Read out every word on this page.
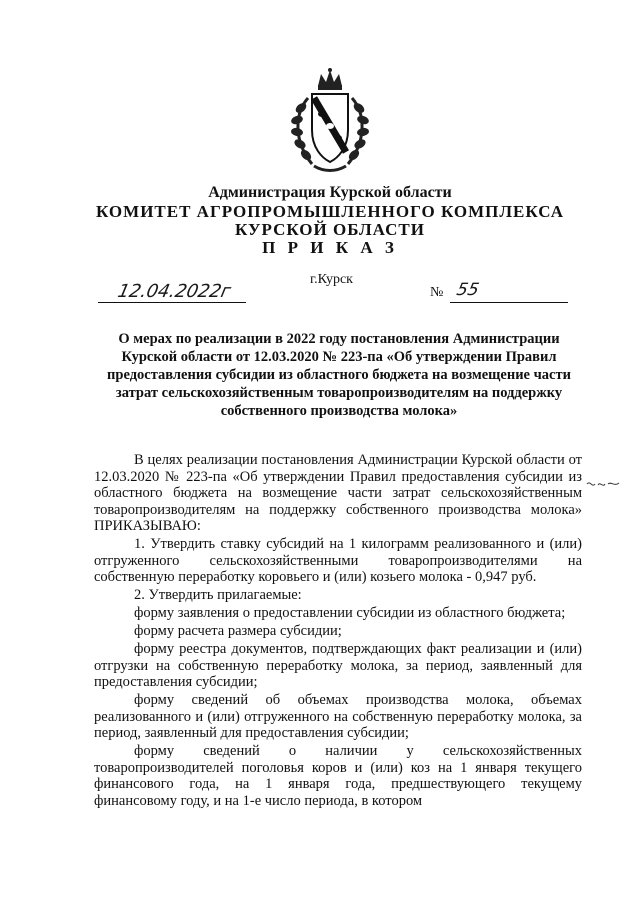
Администрация Курской области
КОМИТЕТ АГРОПРОМЫШЛЕННОГО КОМПЛЕКСА
КУРСКОЙ ОБЛАСТИ
П Р И К А З
г.Курск
12.04.2022г	№ 55
О мерах по реализации в 2022 году постановления Администрации Курской области от 12.03.2020 № 223-па «Об утверждении Правил предоставления субсидии из областного бюджета на возмещение части затрат сельскохозяйственным товаропроизводителям на поддержку собственного производства молока»

В целях реализации постановления Администрации Курской области от 12.03.2020 № 223-па «Об утверждении Правил предоставления субсидии из областного бюджета на возмещение части затрат сельскохозяйственным товаропроизводителям на поддержку собственного производства молока» ПРИКАЗЫВАЮ:

1. Утвердить ставку субсидий на 1 килограмм реализованного и (или) отгруженного сельскохозяйственными товаропроизводителями на собственную переработку коровьего и (или) козьего молока - 0,947 руб.

2. Утвердить прилагаемые:

форму заявления о предоставлении субсидии из областного бюджета;

форму расчета размера субсидии;

форму реестра документов, подтверждающих факт реализации и (или) отгрузки на собственную переработку молока, за период, заявленный для предоставления субсидии;

форму сведений об объемах производства молока, объемах реализованного и (или) отгруженного на собственную переработку молока, за период, заявленный для предоставления субсидии;

форму сведений о наличии у сельскохозяйственных товаропроизводителей поголовья коров и (или) коз на 1 января текущего финансового года, на 1 января года, предшествующего текущему финансовому году, и на 1-е число периода, в котором
